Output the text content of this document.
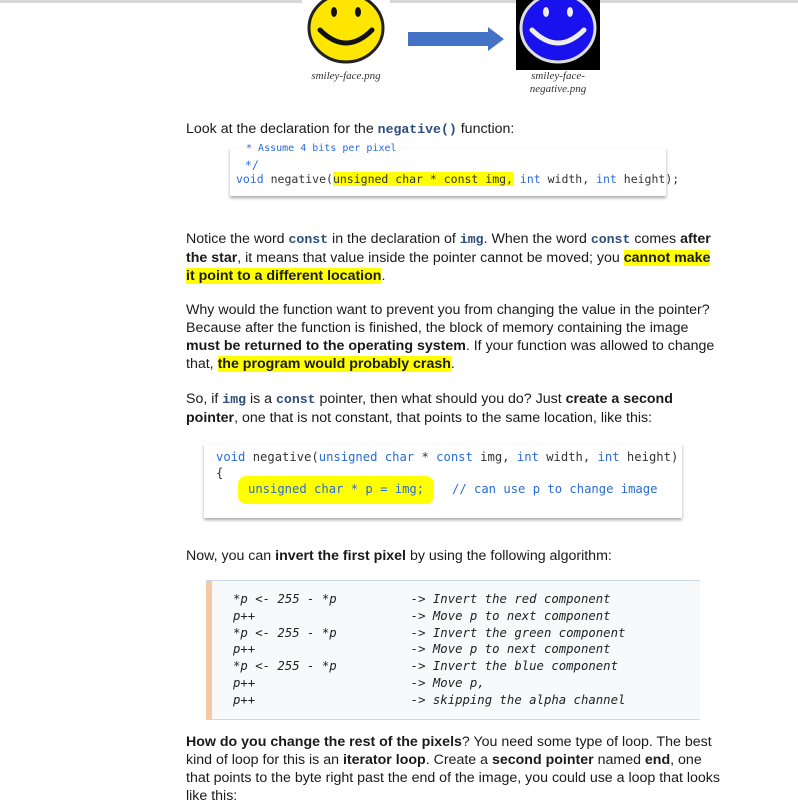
smiley-face.png	smiley-face-
negative.png
Look at the declaration for the negative() function:
* Assume 4 bits per pixel
*/
void negative(unsigned char * const img, int width, int height);
Notice the word const in the declaration of img. When the word const comes after the star, it means that value inside the pointer cannot be moved; you cannot make it point to a different location.
Why would the function want to prevent you from changing the value in the pointer? Because after the function is finished, the block of memory containing the image must be returned to the operating system. If your function was allowed to change that, the program would probably crash.
So, if img is a const pointer, then what should you do? Just create a second pointer, one that is not constant, that points to the same location, like this:
void negative(unsigned char * const img, int width, int height)
{
unsigned char * p = img; // can use p to change image
Now, you can invert the first pixel by using the following algorithm:
*p <- 255 - *p          -> Invert the red component
p++                     -> Move p to next component
*p <- 255 - *p          -> Invert the green component
p++                     -> Move p to next component
*p <- 255 - *p          -> Invert the blue component
p++                     -> Move p,
p++                     -> skipping the alpha channel
How do you change the rest of the pixels? You need some type of loop. The best kind of loop for this is an iterator loop. Create a second pointer named end, one that points to the byte right past the end of the image, you could use a loop that looks like this:
